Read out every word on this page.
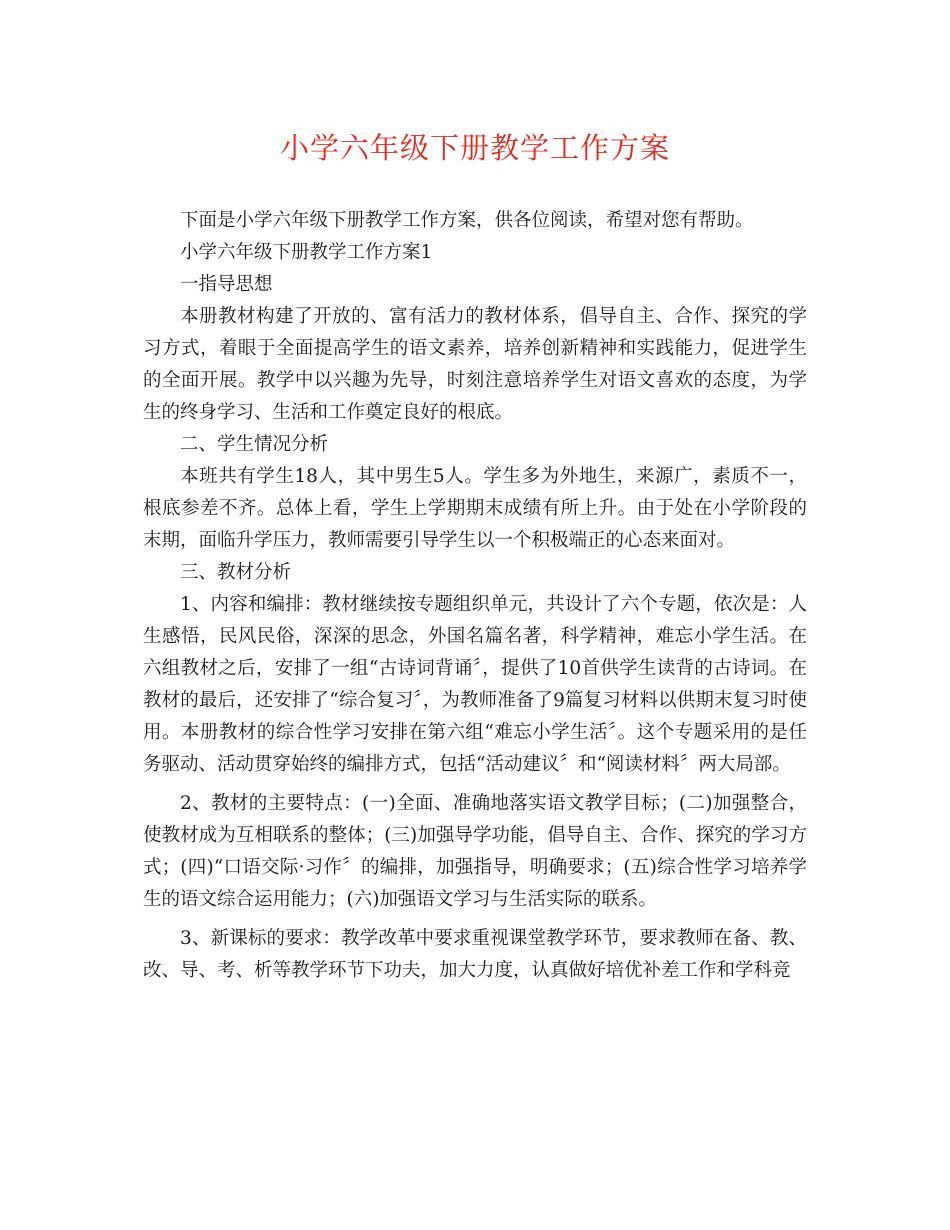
小学六年级下册教学工作方案

下面是小学六年级下册教学工作方案，供各位阅读，希望对您有帮助。

小学六年级下册教学工作方案1

一指导思想

本册教材构建了开放的、富有活力的教材体系，倡导自主、合作、探究的学习方式，着眼于全面提高学生的语文素养，培养创新精神和实践能力，促进学生的全面开展。教学中以兴趣为先导，时刻注意培养学生对语文喜欢的态度，为学生的终身学习、生活和工作奠定良好的根底。

二、学生情况分析

本班共有学生18人，其中男生5人。学生多为外地生，来源广，素质不一，根底参差不齐。总体上看，学生上学期期末成绩有所上升。由于处在小学阶段的末期，面临升学压力，教师需要引导学生以一个积极端正的心态来面对。

三、教材分析

1、内容和编排：教材继续按专题组织单元，共设计了六个专题，依次是：人生感悟，民风民俗，深深的思念，外国名篇名著，科学精神，难忘小学生活。在六组教材之后，安排了一组“古诗词背诵〞，提供了10首供学生读背的古诗词。在教材的最后，还安排了“综合复习〞，为教师准备了9篇复习材料以供期末复习时使用。本册教材的综合性学习安排在第六组“难忘小学生活〞。这个专题采用的是任务驱动、活动贯穿始终的编排方式，包括“活动建议〞和“阅读材料〞两大局部。

2、教材的主要特点：(一)全面、准确地落实语文教学目标；(二)加强整合，使教材成为互相联系的整体；(三)加强导学功能，倡导自主、合作、探究的学习方式；(四)“口语交际·习作〞的编排，加强指导，明确要求；(五)综合性学习培养学生的语文综合运用能力；(六)加强语文学习与生活实际的联系。

3、新课标的要求：教学改革中要求重视课堂教学环节，要求教师在备、教、改、导、考、析等教学环节下功夫，加大力度，认真做好培优补差工作和学科竞
